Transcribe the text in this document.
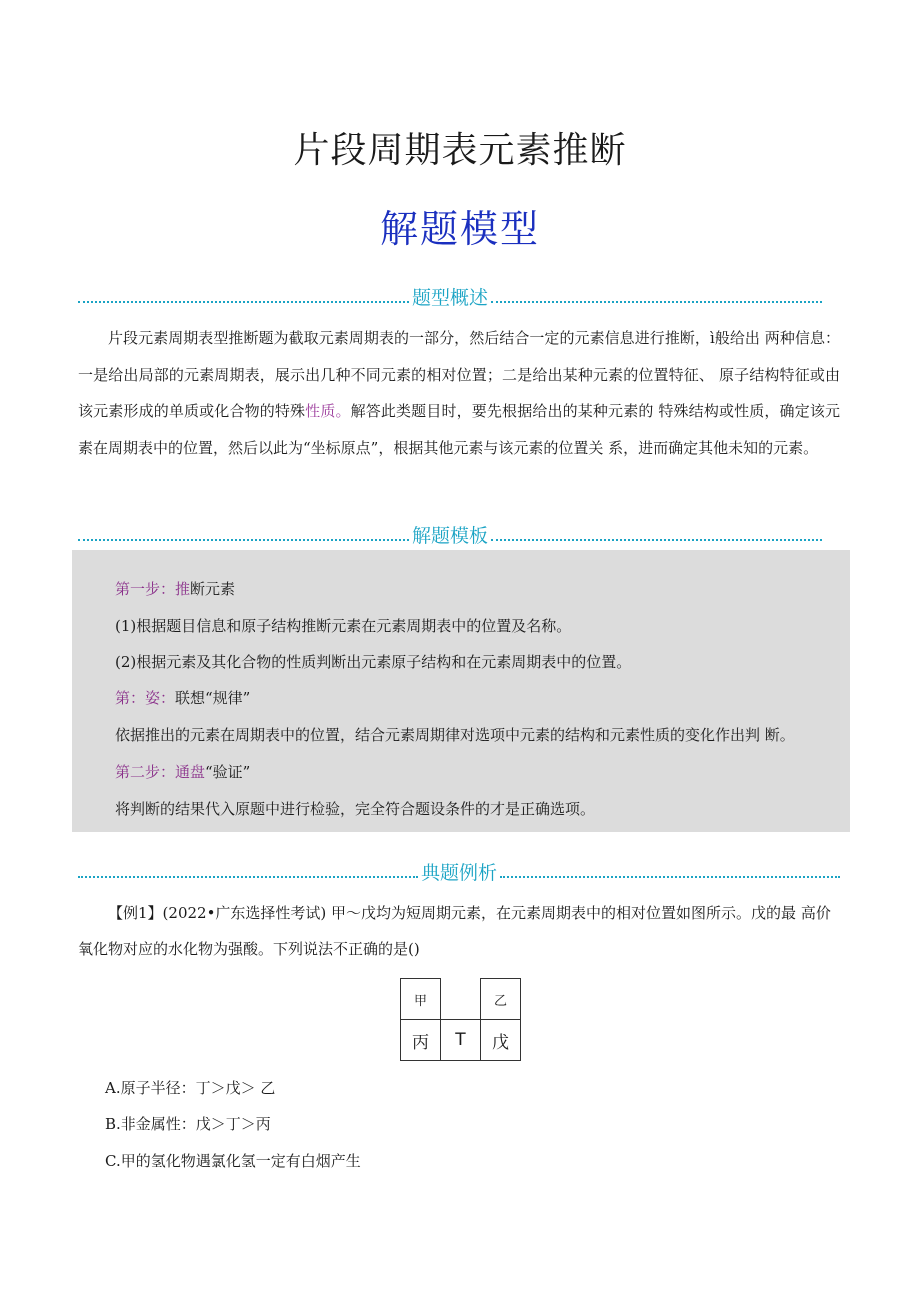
片段周期表元素推断
解题模型
题型概述
片段元素周期表型推断题为截取元素周期表的一部分，然后结合一定的元素信息进行推断，ì般给出 两种信息：一是给出局部的元素周期表，展示出几种不同元素的相对位置；二是给出某种元素的位置特征、 原子结构特征或由该元素形成的单质或化合物的特殊性质。解答此类题目时，要先根据给出的某种元素的 特殊结构或性质，确定该元素在周期表中的位置，然后以此为“坐标原点”，根据其他元素与该元素的位置关 系，进而确定其他未知的元素。
解题模板
第一步：推断元素
(1)根据题目信息和原子结构推断元素在元素周期表中的位置及名称。
(2)根据元素及其化合物的性质判断出元素原子结构和在元素周期表中的位置。
第：姿：联想“规律”
依据推出的元素在周期表中的位置，结合元素周期律对选项中元素的结构和元素性质的变化作出判 断。
第二步：通盘“验证”
将判断的结果代入原题中进行检验，完全符合题设条件的才是正确选项。
典题例析
【例1】(2022•广东选择性考试) 甲～戊均为短周期元素，在元素周期表中的相对位置如图所示。戊的最 高价氧化物对应的水化物为强酸。下列说法不正确的是()
甲		乙
丙	T	戊
A.原子半径：丁＞戊＞ 乙
B.非金属性：戊＞丁＞丙
C.甲的氢化物遇氯化氢一定有白烟产生
